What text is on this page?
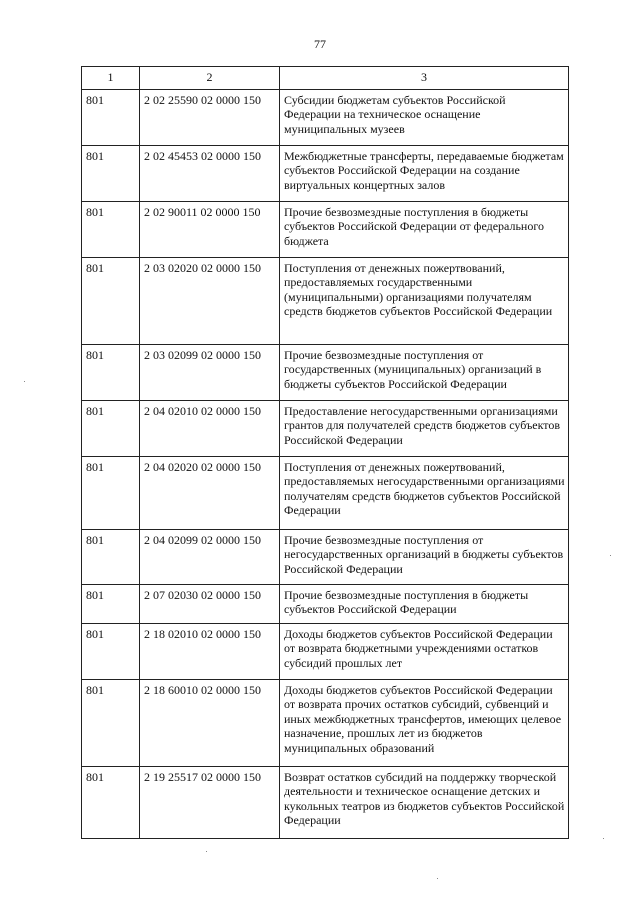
77
1	2	3
801	2 02 25590 02 0000 150	Субсидии бюджетам субъектов Российской Федерации на техническое оснащение муниципальных музеев
801	2 02 45453 02 0000 150	Межбюджетные трансферты, передаваемые бюджетам субъектов Российской Федерации на создание виртуальных концертных залов
801	2 02 90011 02 0000 150	Прочие безвозмездные поступления в бюджеты субъектов Российской Федерации от федерального бюджета
801	2 03 02020 02 0000 150	Поступления от денежных пожертвований, предоставляемых государственными (муниципальными) организациями получателям средств бюджетов субъектов Российской Федерации
801	2 03 02099 02 0000 150	Прочие безвозмездные поступления от государственных (муниципальных) организаций в бюджеты субъектов Российской Федерации
801	2 04 02010 02 0000 150	Предоставление негосударственными организациями грантов для получателей средств бюджетов субъектов Российской Федерации
801	2 04 02020 02 0000 150	Поступления от денежных пожертвований, предоставляемых негосударственными организациями получателям средств бюджетов субъектов Российской Федерации
801	2 04 02099 02 0000 150	Прочие безвозмездные поступления от негосударственных организаций в бюджеты субъектов Российской Федерации
801	2 07 02030 02 0000 150	Прочие безвозмездные поступления в бюджеты субъектов Российской Федерации
801	2 18 02010 02 0000 150	Доходы бюджетов субъектов Российской Федерации от возврата бюджетными учреждениями остатков субсидий прошлых лет
801	2 18 60010 02 0000 150	Доходы бюджетов субъектов Российской Федерации от возврата прочих остатков субсидий, субвенций и иных межбюджетных трансфертов, имеющих целевое назначение, прошлых лет из бюджетов муниципальных образований
801	2 19 25517 02 0000 150	Возврат остатков субсидий на поддержку творческой деятельности и техническое оснащение детских и кукольных театров из бюджетов субъектов Российской Федерации
